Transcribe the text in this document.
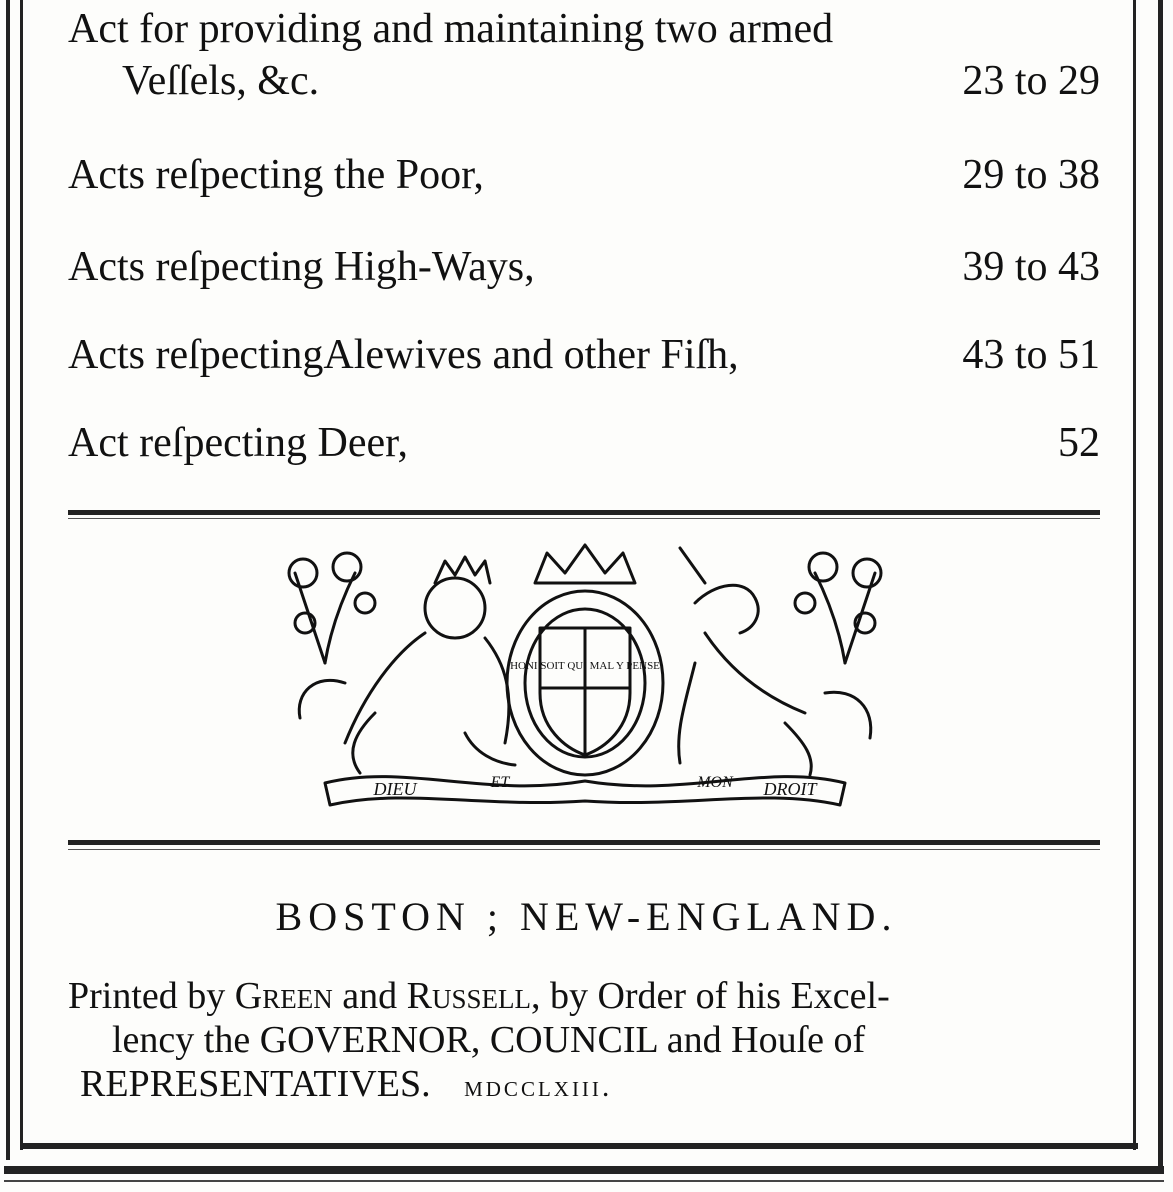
Act for providing and maintaining two armed
Veſſels, &c.	23 to 29
Acts reſpecting the Poor,	29 to 38
Acts reſpecting High-Ways,	39 to 43
Acts reſpectingAlewives and other Fiſh,	43 to 51
Act reſpecting Deer,	52
HONI SOIT QUI MAL Y PENSE
DIEU	ET	MON DROIT
BOSTON ; NEW-ENGLAND.
Printed by Green and Russell, by Order of his Excel-
lency the GOVERNOR, COUNCIL and Houſe of
REPRESENTATIVES. mdcclxiii.
